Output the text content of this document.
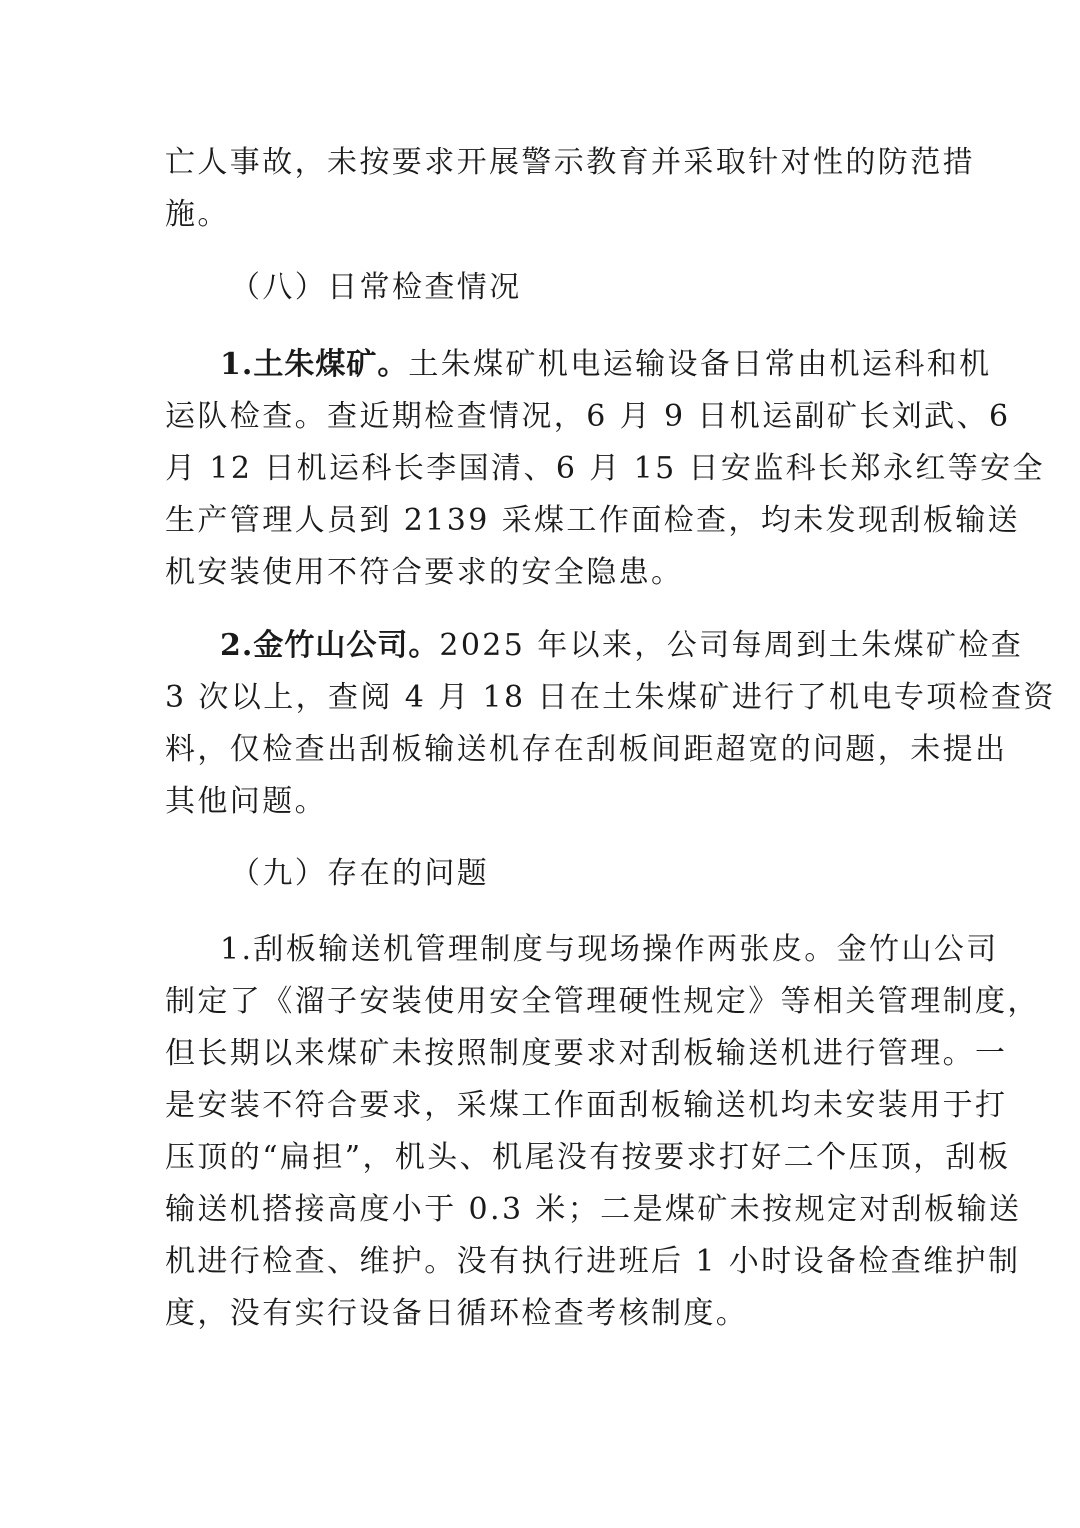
亡人事故，未按要求开展警示教育并采取针对性的防范措
施。
（八）日常检查情况
1.土朱煤矿。土朱煤矿机电运输设备日常由机运科和机
运队检查。查近期检查情况，6 月 9 日机运副矿长刘武、6
月 12 日机运科长李国清、6 月 15 日安监科长郑永红等安全
生产管理人员到 2139 采煤工作面检查，均未发现刮板输送
机安装使用不符合要求的安全隐患。
2.金竹山公司。2025 年以来，公司每周到土朱煤矿检查
3 次以上，查阅 4 月 18 日在土朱煤矿进行了机电专项检查资
料，仅检查出刮板输送机存在刮板间距超宽的问题，未提出
其他问题。
（九）存在的问题
1.刮板输送机管理制度与现场操作两张皮。金竹山公司
制定了《溜子安装使用安全管理硬性规定》等相关管理制度，
但长期以来煤矿未按照制度要求对刮板输送机进行管理。一
是安装不符合要求，采煤工作面刮板输送机均未安装用于打
压顶的“扁担”，机头、机尾没有按要求打好二个压顶，刮板
输送机搭接高度小于 0.3 米；二是煤矿未按规定对刮板输送
机进行检查、维护。没有执行进班后 1 小时设备检查维护制
度，没有实行设备日循环检查考核制度。
